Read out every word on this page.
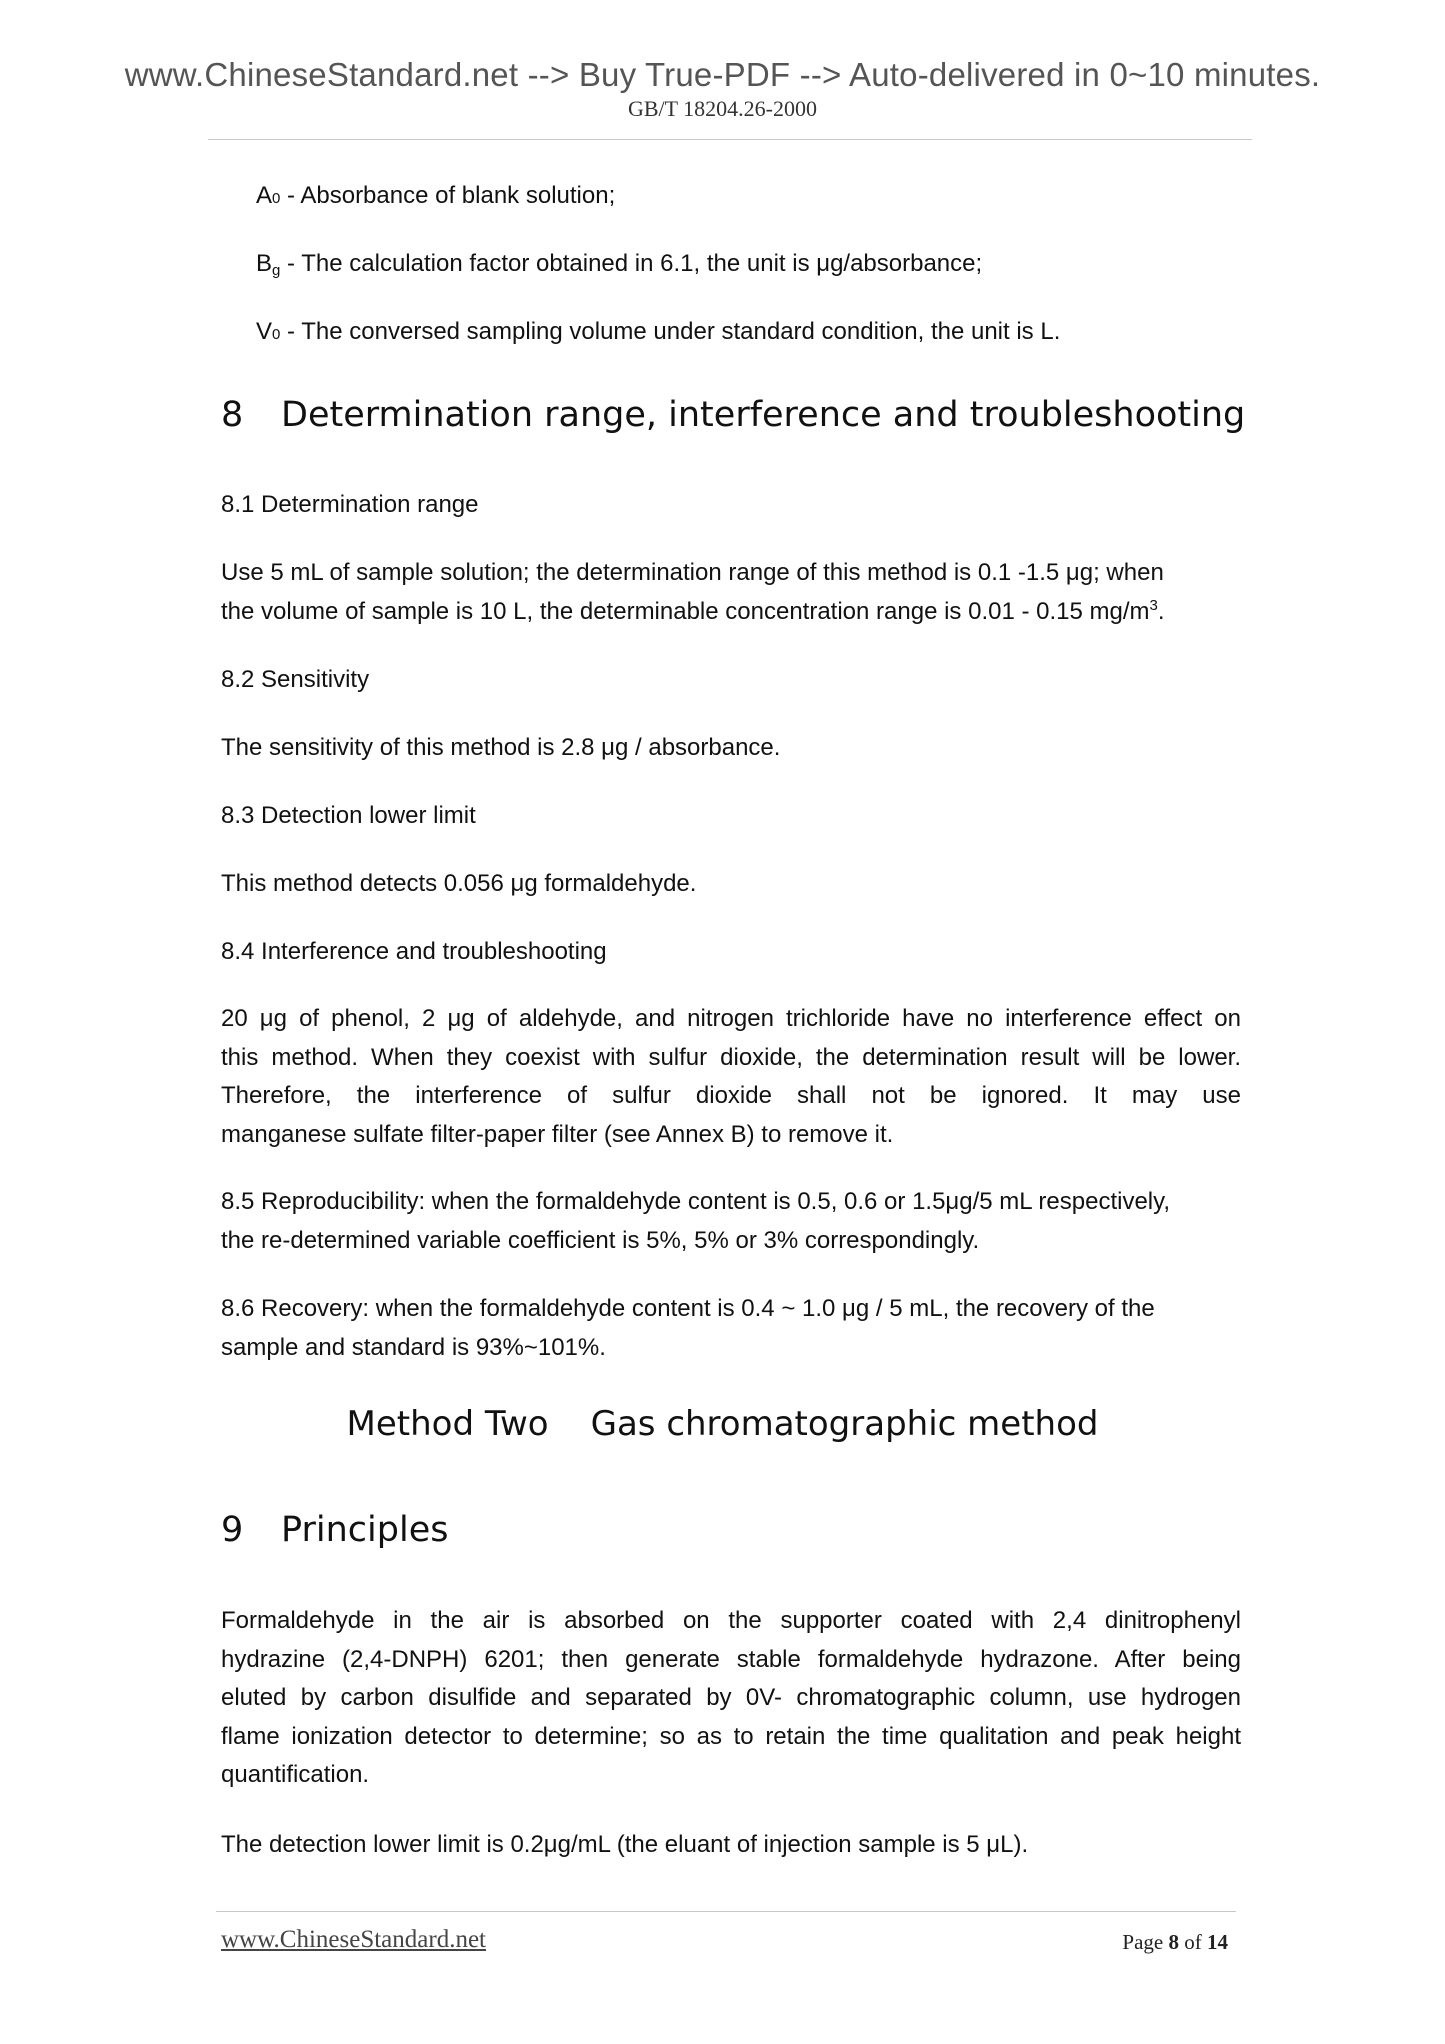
www.ChineseStandard.net --> Buy True-PDF --> Auto-delivered in 0~10 minutes.
GB/T 18204.26-2000
A0 - Absorbance of blank solution;
Bg - The calculation factor obtained in 6.1, the unit is μg/absorbance;
V0 - The conversed sampling volume under standard condition, the unit is L.
8 Determination range, interference and troubleshooting
8.1 Determination range
Use 5 mL of sample solution; the determination range of this method is 0.1 -1.5 μg; when
the volume of sample is 10 L, the determinable concentration range is 0.01 - 0.15 $mg/m^3$.
8.2 Sensitivity
The sensitivity of this method is 2.8 μg / absorbance.
8.3 Detection lower limit
This method detects 0.056 μg formaldehyde.
8.4 Interference and troubleshooting
20 μg of phenol, 2 μg of aldehyde, and nitrogen trichloride have no interference effect on
this method. When they coexist with sulfur dioxide, the determination result will be lower.
Therefore, the interference of sulfur dioxide shall not be ignored. It may use
manganese sulfate filter-paper filter (see Annex B) to remove it.
8.5 Reproducibility: when the formaldehyde content is 0.5, 0.6 or 1.5μg/5 mL respectively,
the re-determined variable coefficient is 5%, 5% or 3% correspondingly.
8.6 Recovery: when the formaldehyde content is 0.4 ~ 1.0 μg / 5 mL, the recovery of the
sample and standard is 93%~101%.
Method Two Gas chromatographic method
9 Principles
Formaldehyde in the air is absorbed on the supporter coated with 2,4 dinitrophenyl
hydrazine (2,4-DNPH) 6201; then generate stable formaldehyde hydrazone. After being
eluted by carbon disulfide and separated by 0V- chromatographic column, use hydrogen
flame ionization detector to determine; so as to retain the time qualitation and peak height
quantification.
The detection lower limit is 0.2μg/mL (the eluant of injection sample is 5 μL).
www.ChineseStandard.net	Page 8 of 14
